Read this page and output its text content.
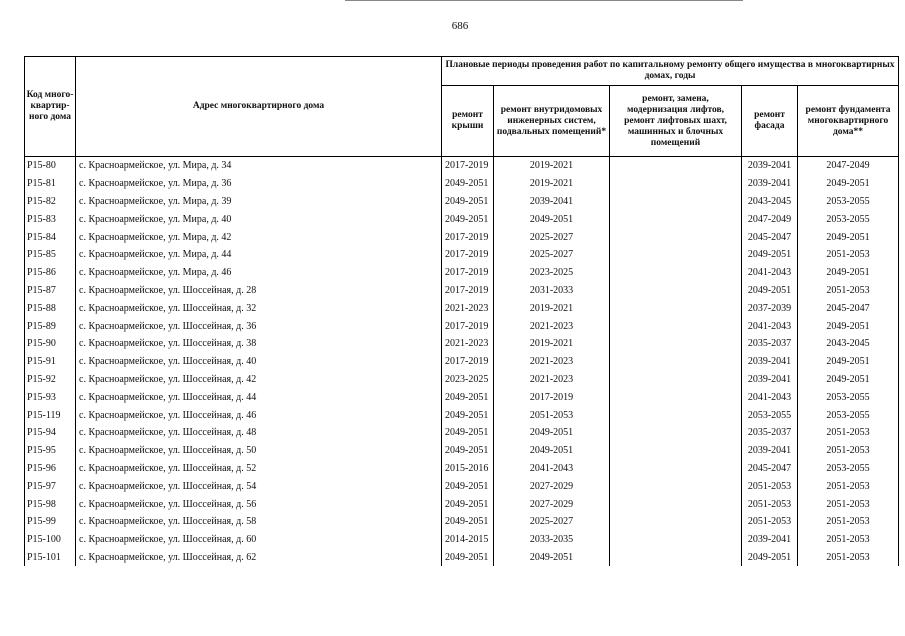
686
Код много-квартир-ного дома	Адрес многоквартирного дома	Плановые периоды проведения работ по капитальному ремонту общего имущества в многоквартирных домах, годы				
		ремонт крыши	ремонт внутридомовых инженерных систем, подвальных помещений*	ремонт, замена, модернизация лифтов, ремонт лифтовых шахт, машинных и блочных помещений	ремонт фасада	ремонт фундамента многоквартирного дома**
Р15-80	с. Красноармейское, ул. Мира, д. 34	2017-2019	2019-2021		2039-2041	2047-2049
Р15-81	с. Красноармейское, ул. Мира, д. 36	2049-2051	2019-2021		2039-2041	2049-2051
Р15-82	с. Красноармейское, ул. Мира, д. 39	2049-2051	2039-2041		2043-2045	2053-2055
Р15-83	с. Красноармейское, ул. Мира, д. 40	2049-2051	2049-2051		2047-2049	2053-2055
Р15-84	с. Красноармейское, ул. Мира, д. 42	2017-2019	2025-2027		2045-2047	2049-2051
Р15-85	с. Красноармейское, ул. Мира, д. 44	2017-2019	2025-2027		2049-2051	2051-2053
Р15-86	с. Красноармейское, ул. Мира, д. 46	2017-2019	2023-2025		2041-2043	2049-2051
Р15-87	с. Красноармейское, ул. Шоссейная, д. 28	2017-2019	2031-2033		2049-2051	2051-2053
Р15-88	с. Красноармейское, ул. Шоссейная, д. 32	2021-2023	2019-2021		2037-2039	2045-2047
Р15-89	с. Красноармейское, ул. Шоссейная, д. 36	2017-2019	2021-2023		2041-2043	2049-2051
Р15-90	с. Красноармейское, ул. Шоссейная, д. 38	2021-2023	2019-2021		2035-2037	2043-2045
Р15-91	с. Красноармейское, ул. Шоссейная, д. 40	2017-2019	2021-2023		2039-2041	2049-2051
Р15-92	с. Красноармейское, ул. Шоссейная, д. 42	2023-2025	2021-2023		2039-2041	2049-2051
Р15-93	с. Красноармейское, ул. Шоссейная, д. 44	2049-2051	2017-2019		2041-2043	2053-2055
Р15-119	с. Красноармейское, ул. Шоссейная, д. 46	2049-2051	2051-2053		2053-2055	2053-2055
Р15-94	с. Красноармейское, ул. Шоссейная, д. 48	2049-2051	2049-2051		2035-2037	2051-2053
Р15-95	с. Красноармейское, ул. Шоссейная, д. 50	2049-2051	2049-2051		2039-2041	2051-2053
Р15-96	с. Красноармейское, ул. Шоссейная, д. 52	2015-2016	2041-2043		2045-2047	2053-2055
Р15-97	с. Красноармейское, ул. Шоссейная, д. 54	2049-2051	2027-2029		2051-2053	2051-2053
Р15-98	с. Красноармейское, ул. Шоссейная, д. 56	2049-2051	2027-2029		2051-2053	2051-2053
Р15-99	с. Красноармейское, ул. Шоссейная, д. 58	2049-2051	2025-2027		2051-2053	2051-2053
Р15-100	с. Красноармейское, ул. Шоссейная, д. 60	2014-2015	2033-2035		2039-2041	2051-2053
Р15-101	с. Красноармейское, ул. Шоссейная, д. 62	2049-2051	2049-2051		2049-2051	2051-2053
